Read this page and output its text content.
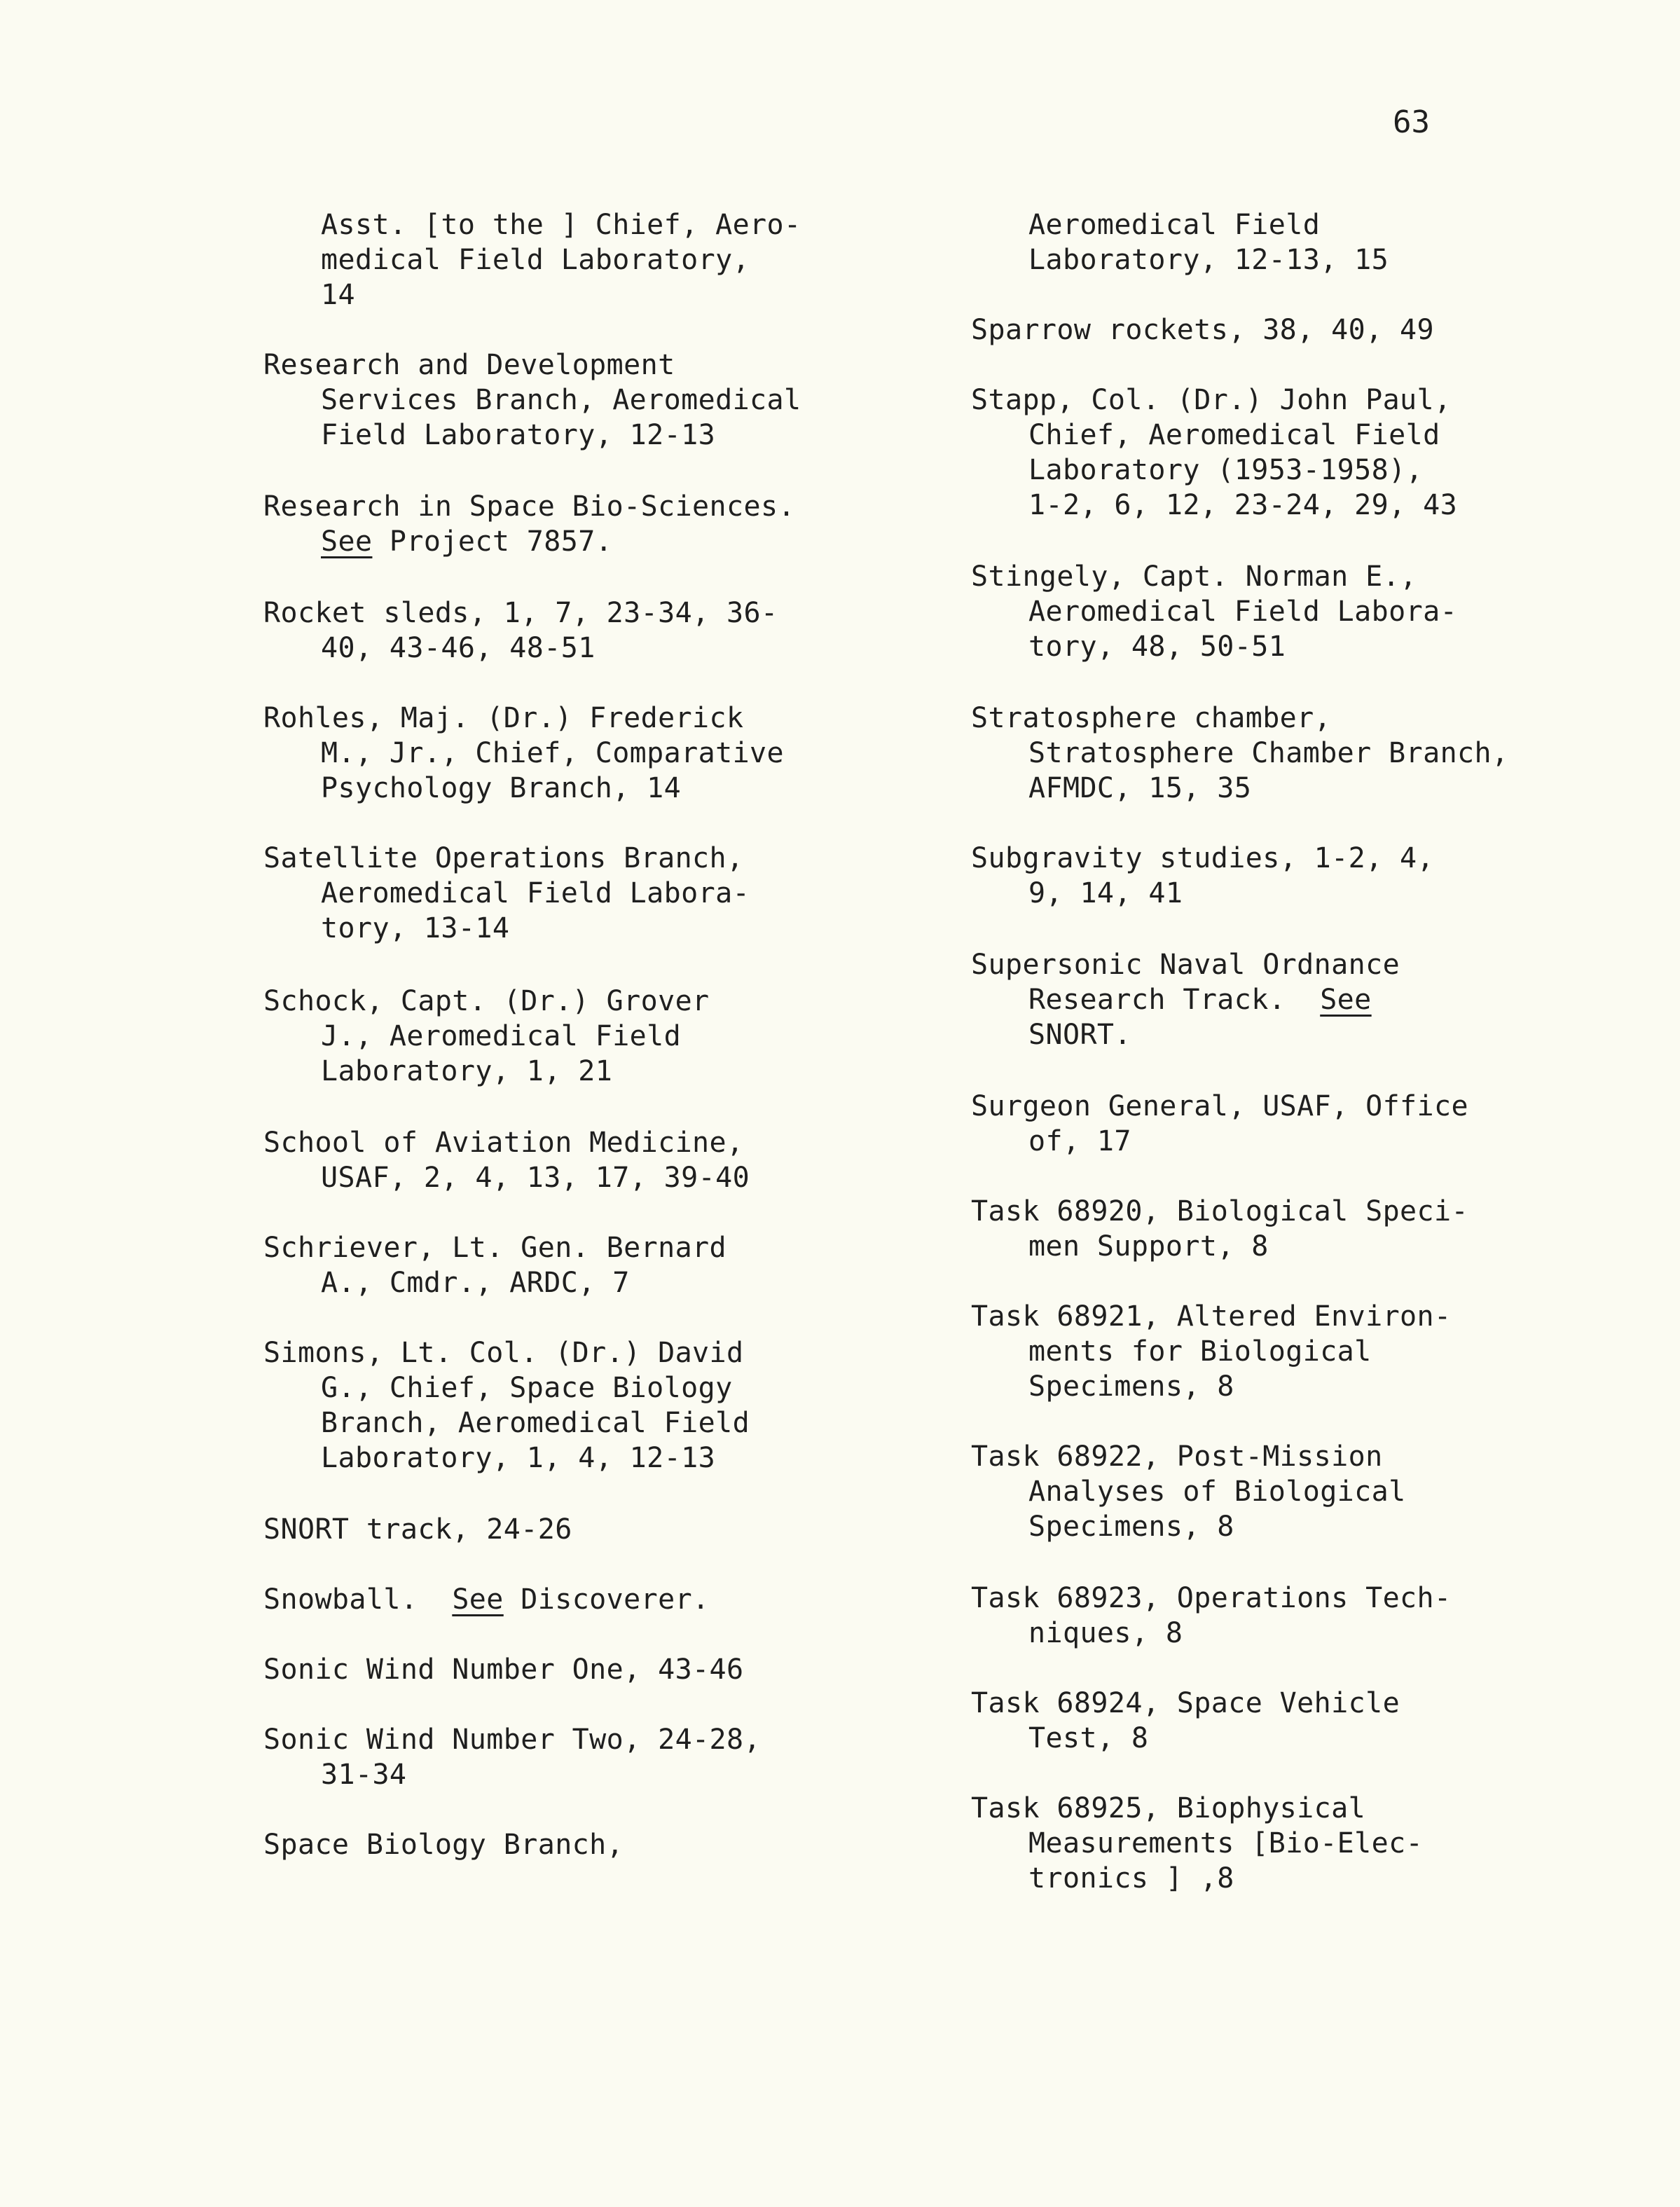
63
Asst. [to the ] Chief, Aero-
medical Field Laboratory,
14
Research and Development
Services Branch, Aeromedical
Field Laboratory, 12-13
Research in Space Bio-Sciences.
See Project 7857.
Rocket sleds, 1, 7, 23-34, 36-
40, 43-46, 48-51
Rohles, Maj. (Dr.) Frederick
M., Jr., Chief, Comparative
Psychology Branch, 14
Satellite Operations Branch,
Aeromedical Field Labora-
tory, 13-14
Schock, Capt. (Dr.) Grover
J., Aeromedical Field
Laboratory, 1, 21
School of Aviation Medicine,
USAF, 2, 4, 13, 17, 39-40
Schriever, Lt. Gen. Bernard
A., Cmdr., ARDC, 7
Simons, Lt. Col. (Dr.) David
G., Chief, Space Biology
Branch, Aeromedical Field
Laboratory, 1, 4, 12-13
SNORT track, 24-26
Snowball.  See Discoverer.
Sonic Wind Number One, 43-46
Sonic Wind Number Two, 24-28,
31-34
Space Biology Branch,
Aeromedical Field
Laboratory, 12-13, 15
Sparrow rockets, 38, 40, 49
Stapp, Col. (Dr.) John Paul,
Chief, Aeromedical Field
Laboratory (1953-1958),
1-2, 6, 12, 23-24, 29, 43
Stingely, Capt. Norman E.,
Aeromedical Field Labora-
tory, 48, 50-51
Stratosphere chamber,
Stratosphere Chamber Branch,
AFMDC, 15, 35
Subgravity studies, 1-2, 4,
9, 14, 41
Supersonic Naval Ordnance
Research Track.  See
SNORT.
Surgeon General, USAF, Office
of, 17
Task 68920, Biological Speci-
men Support, 8
Task 68921, Altered Environ-
ments for Biological
Specimens, 8
Task 68922, Post-Mission
Analyses of Biological
Specimens, 8
Task 68923, Operations Tech-
niques, 8
Task 68924, Space Vehicle
Test, 8
Task 68925, Biophysical
Measurements [Bio-Elec-
tronics ] ,8
